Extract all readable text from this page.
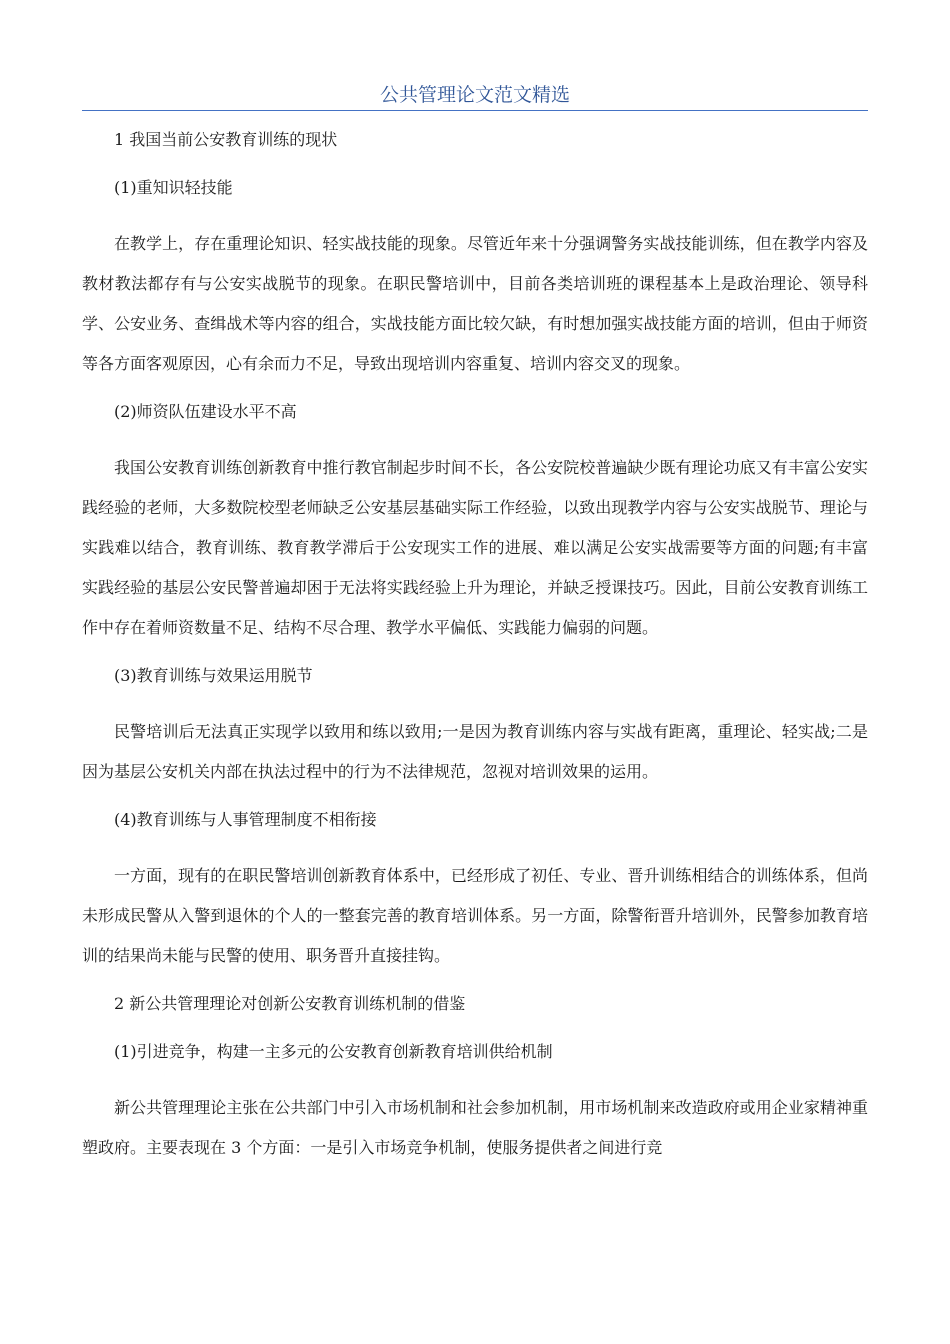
公共管理论文范文精选

1 我国当前公安教育训练的现状

(1)重知识轻技能

在教学上，存在重理论知识、轻实战技能的现象。尽管近年来十分强调警务实战技能训练，但在教学内容及教材教法都存有与公安实战脱节的现象。在职民警培训中，目前各类培训班的课程基本上是政治理论、领导科学、公安业务、查缉战术等内容的组合，实战技能方面比较欠缺，有时想加强实战技能方面的培训，但由于师资等各方面客观原因，心有余而力不足，导致出现培训内容重复、培训内容交叉的现象。

(2)师资队伍建设水平不高

我国公安教育训练创新教育中推行教官制起步时间不长，各公安院校普遍缺少既有理论功底又有丰富公安实践经验的老师，大多数院校型老师缺乏公安基层基础实际工作经验，以致出现教学内容与公安实战脱节、理论与实践难以结合，教育训练、教育教学滞后于公安现实工作的进展、难以满足公安实战需要等方面的问题;有丰富实践经验的基层公安民警普遍却困于无法将实践经验上升为理论，并缺乏授课技巧。因此，目前公安教育训练工作中存在着师资数量不足、结构不尽合理、教学水平偏低、实践能力偏弱的问题。

(3)教育训练与效果运用脱节

民警培训后无法真正实现学以致用和练以致用;一是因为教育训练内容与实战有距离，重理论、轻实战;二是因为基层公安机关内部在执法过程中的行为不法律规范，忽视对培训效果的运用。

(4)教育训练与人事管理制度不相衔接

一方面，现有的在职民警培训创新教育体系中，已经形成了初任、专业、晋升训练相结合的训练体系，但尚未形成民警从入警到退休的个人的一整套完善的教育培训体系。另一方面，除警衔晋升培训外，民警参加教育培训的结果尚未能与民警的使用、职务晋升直接挂钩。

2 新公共管理理论对创新公安教育训练机制的借鉴

(1)引进竞争，构建一主多元的公安教育创新教育培训供给机制

新公共管理理论主张在公共部门中引入市场机制和社会参加机制，用市场机制来改造政府或用企业家精神重塑政府。主要表现在 3 个方面：一是引入市场竞争机制，使服务提供者之间进行竞
